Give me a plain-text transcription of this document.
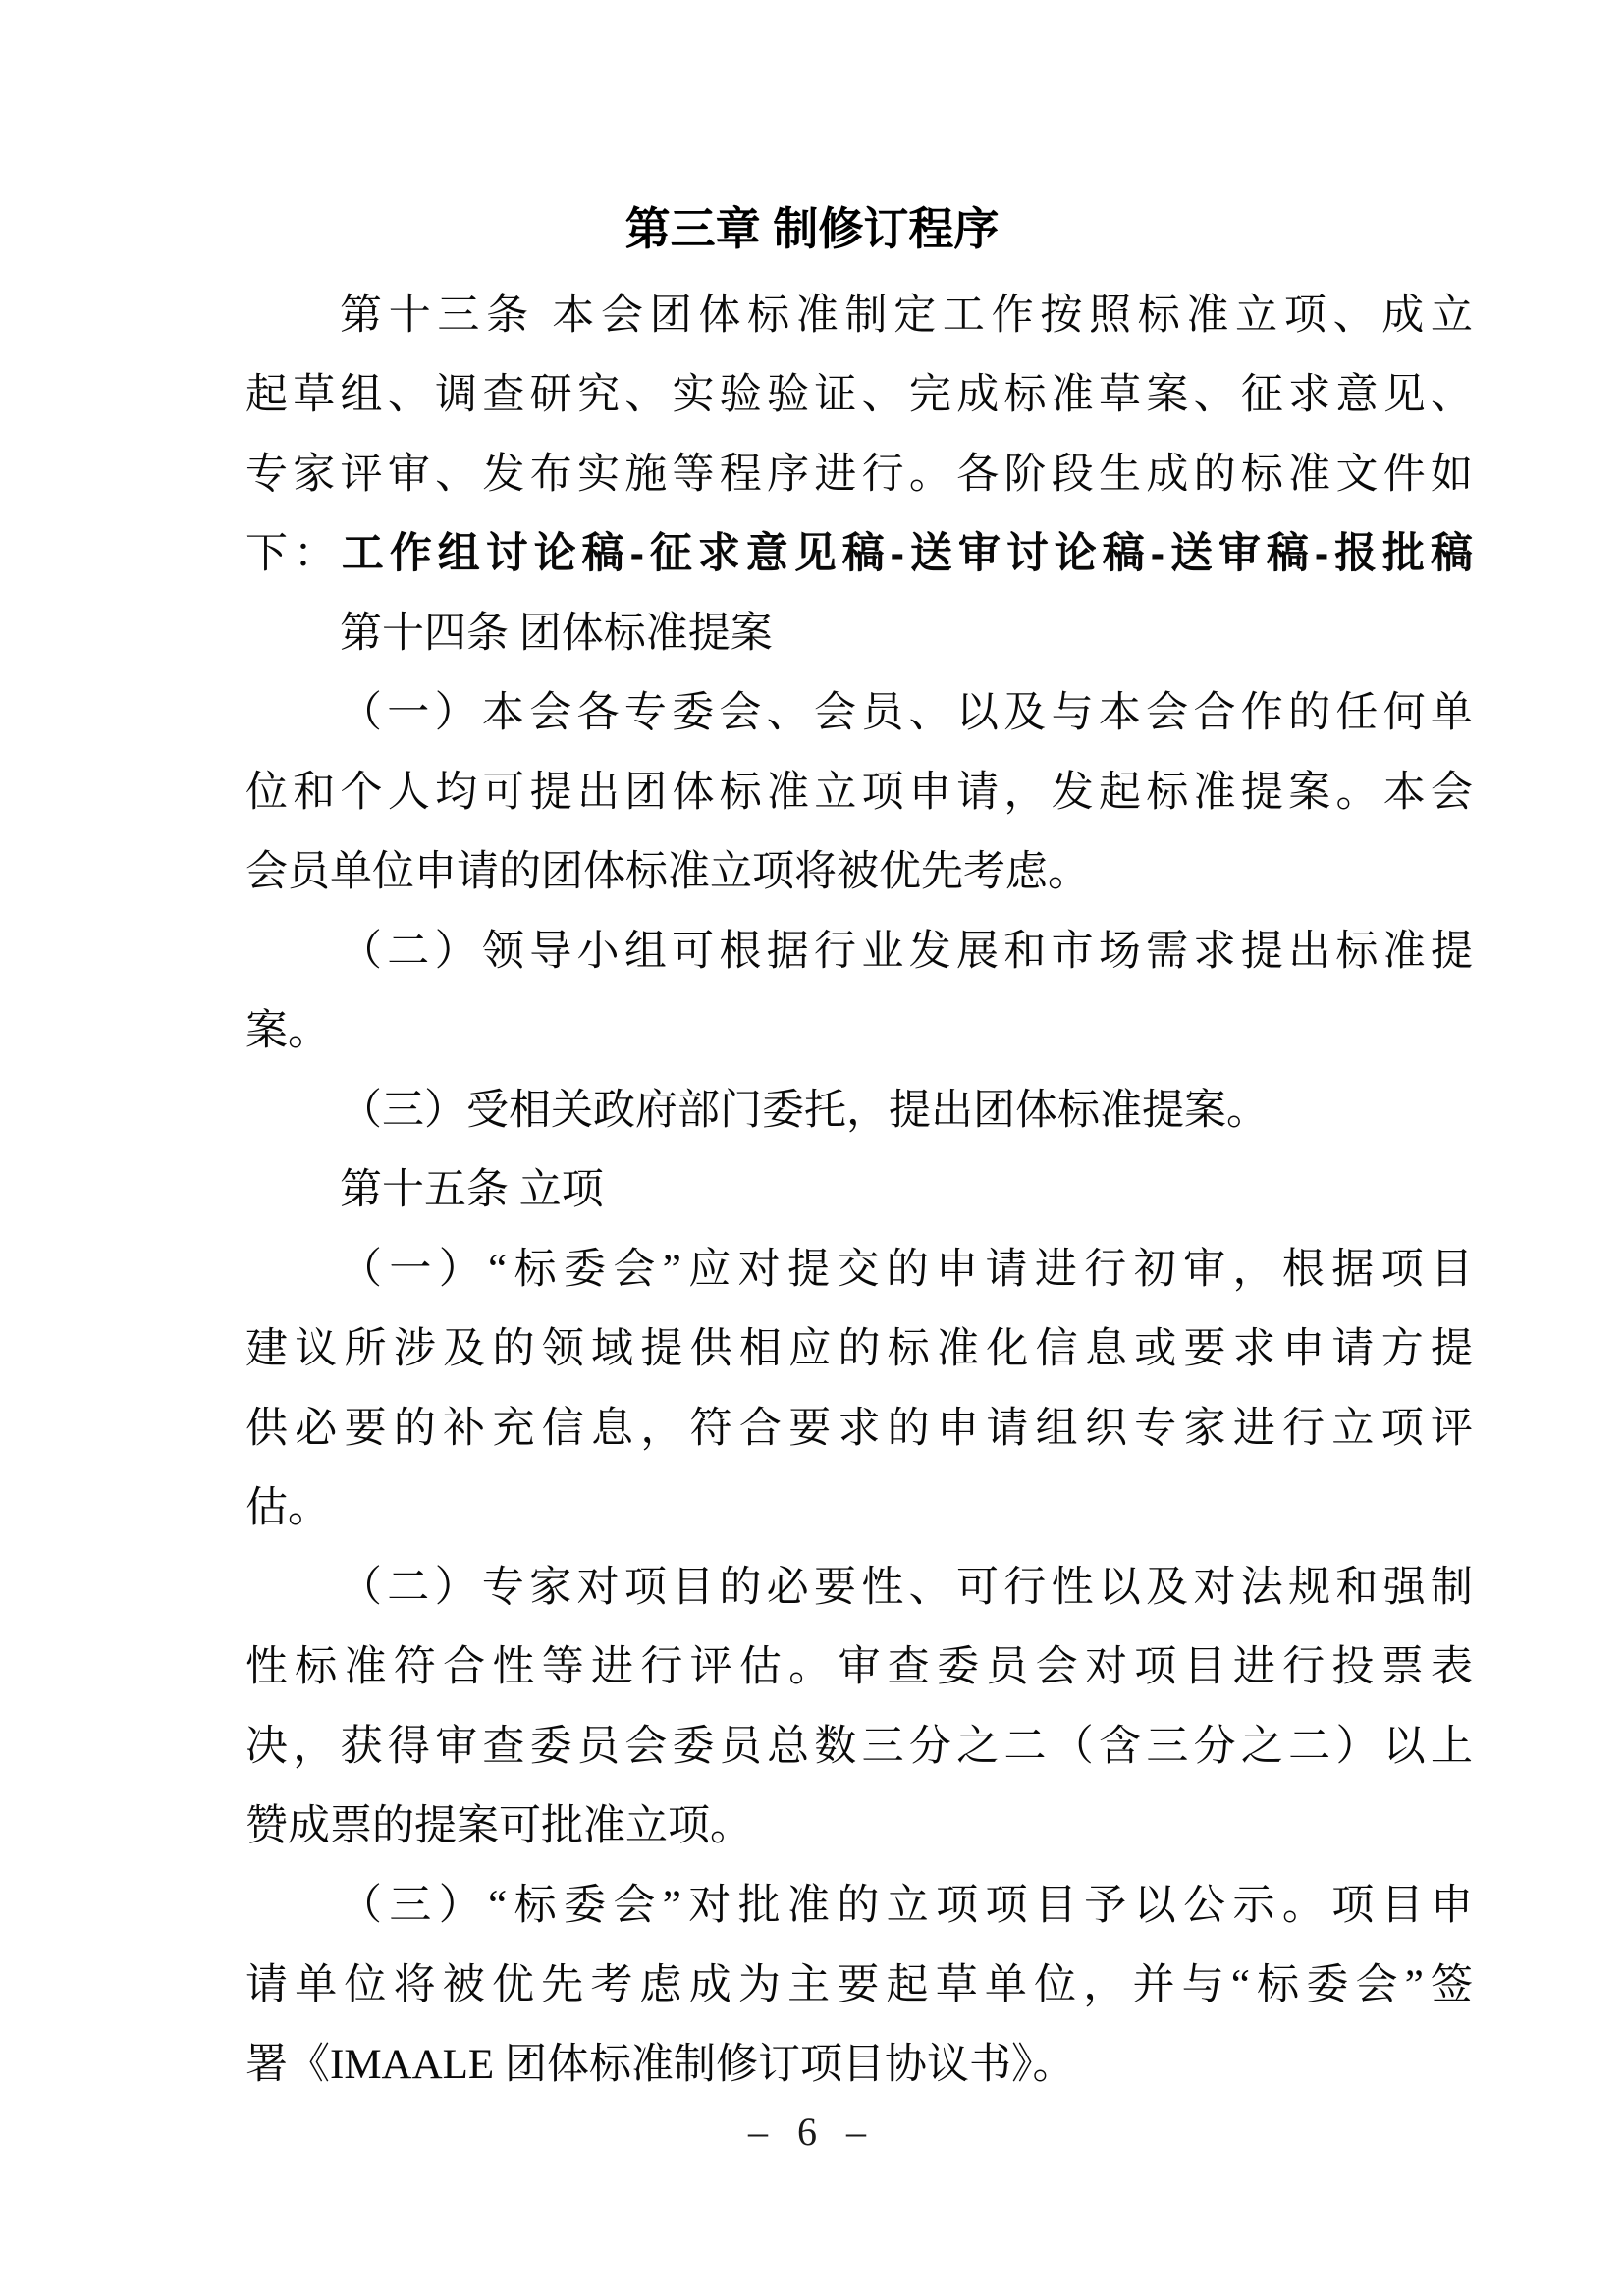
第三章 制修订程序
第十三条 本会团体标准制定工作按照标准立项、成立
起草组、调查研究、实验验证、完成标准草案、征求意见、
专家评审、发布实施等程序进行。各阶段生成的标准文件如
下：工作组讨论稿-征求意见稿-送审讨论稿-送审稿-报批稿
第十四条 团体标准提案
（一）本会各专委会、会员、以及与本会合作的任何单
位和个人均可提出团体标准立项申请，发起标准提案。本会
会员单位申请的团体标准立项将被优先考虑。
（二）领导小组可根据行业发展和市场需求提出标准提
案。
（三）受相关政府部门委托，提出团体标准提案。
第十五条 立项
（一）“标委会”应对提交的申请进行初审，根据项目
建议所涉及的领域提供相应的标准化信息或要求申请方提
供必要的补充信息，符合要求的申请组织专家进行立项评
估。
（二）专家对项目的必要性、可行性以及对法规和强制
性标准符合性等进行评估。审查委员会对项目进行投票表
决，获得审查委员会委员总数三分之二（含三分之二）以上
赞成票的提案可批准立项。
（三）“标委会”对批准的立项项目予以公示。项目申
请单位将被优先考虑成为主要起草单位，并与“标委会”签
署《IMAALE 团体标准制修订项目协议书》。
– 6 –
